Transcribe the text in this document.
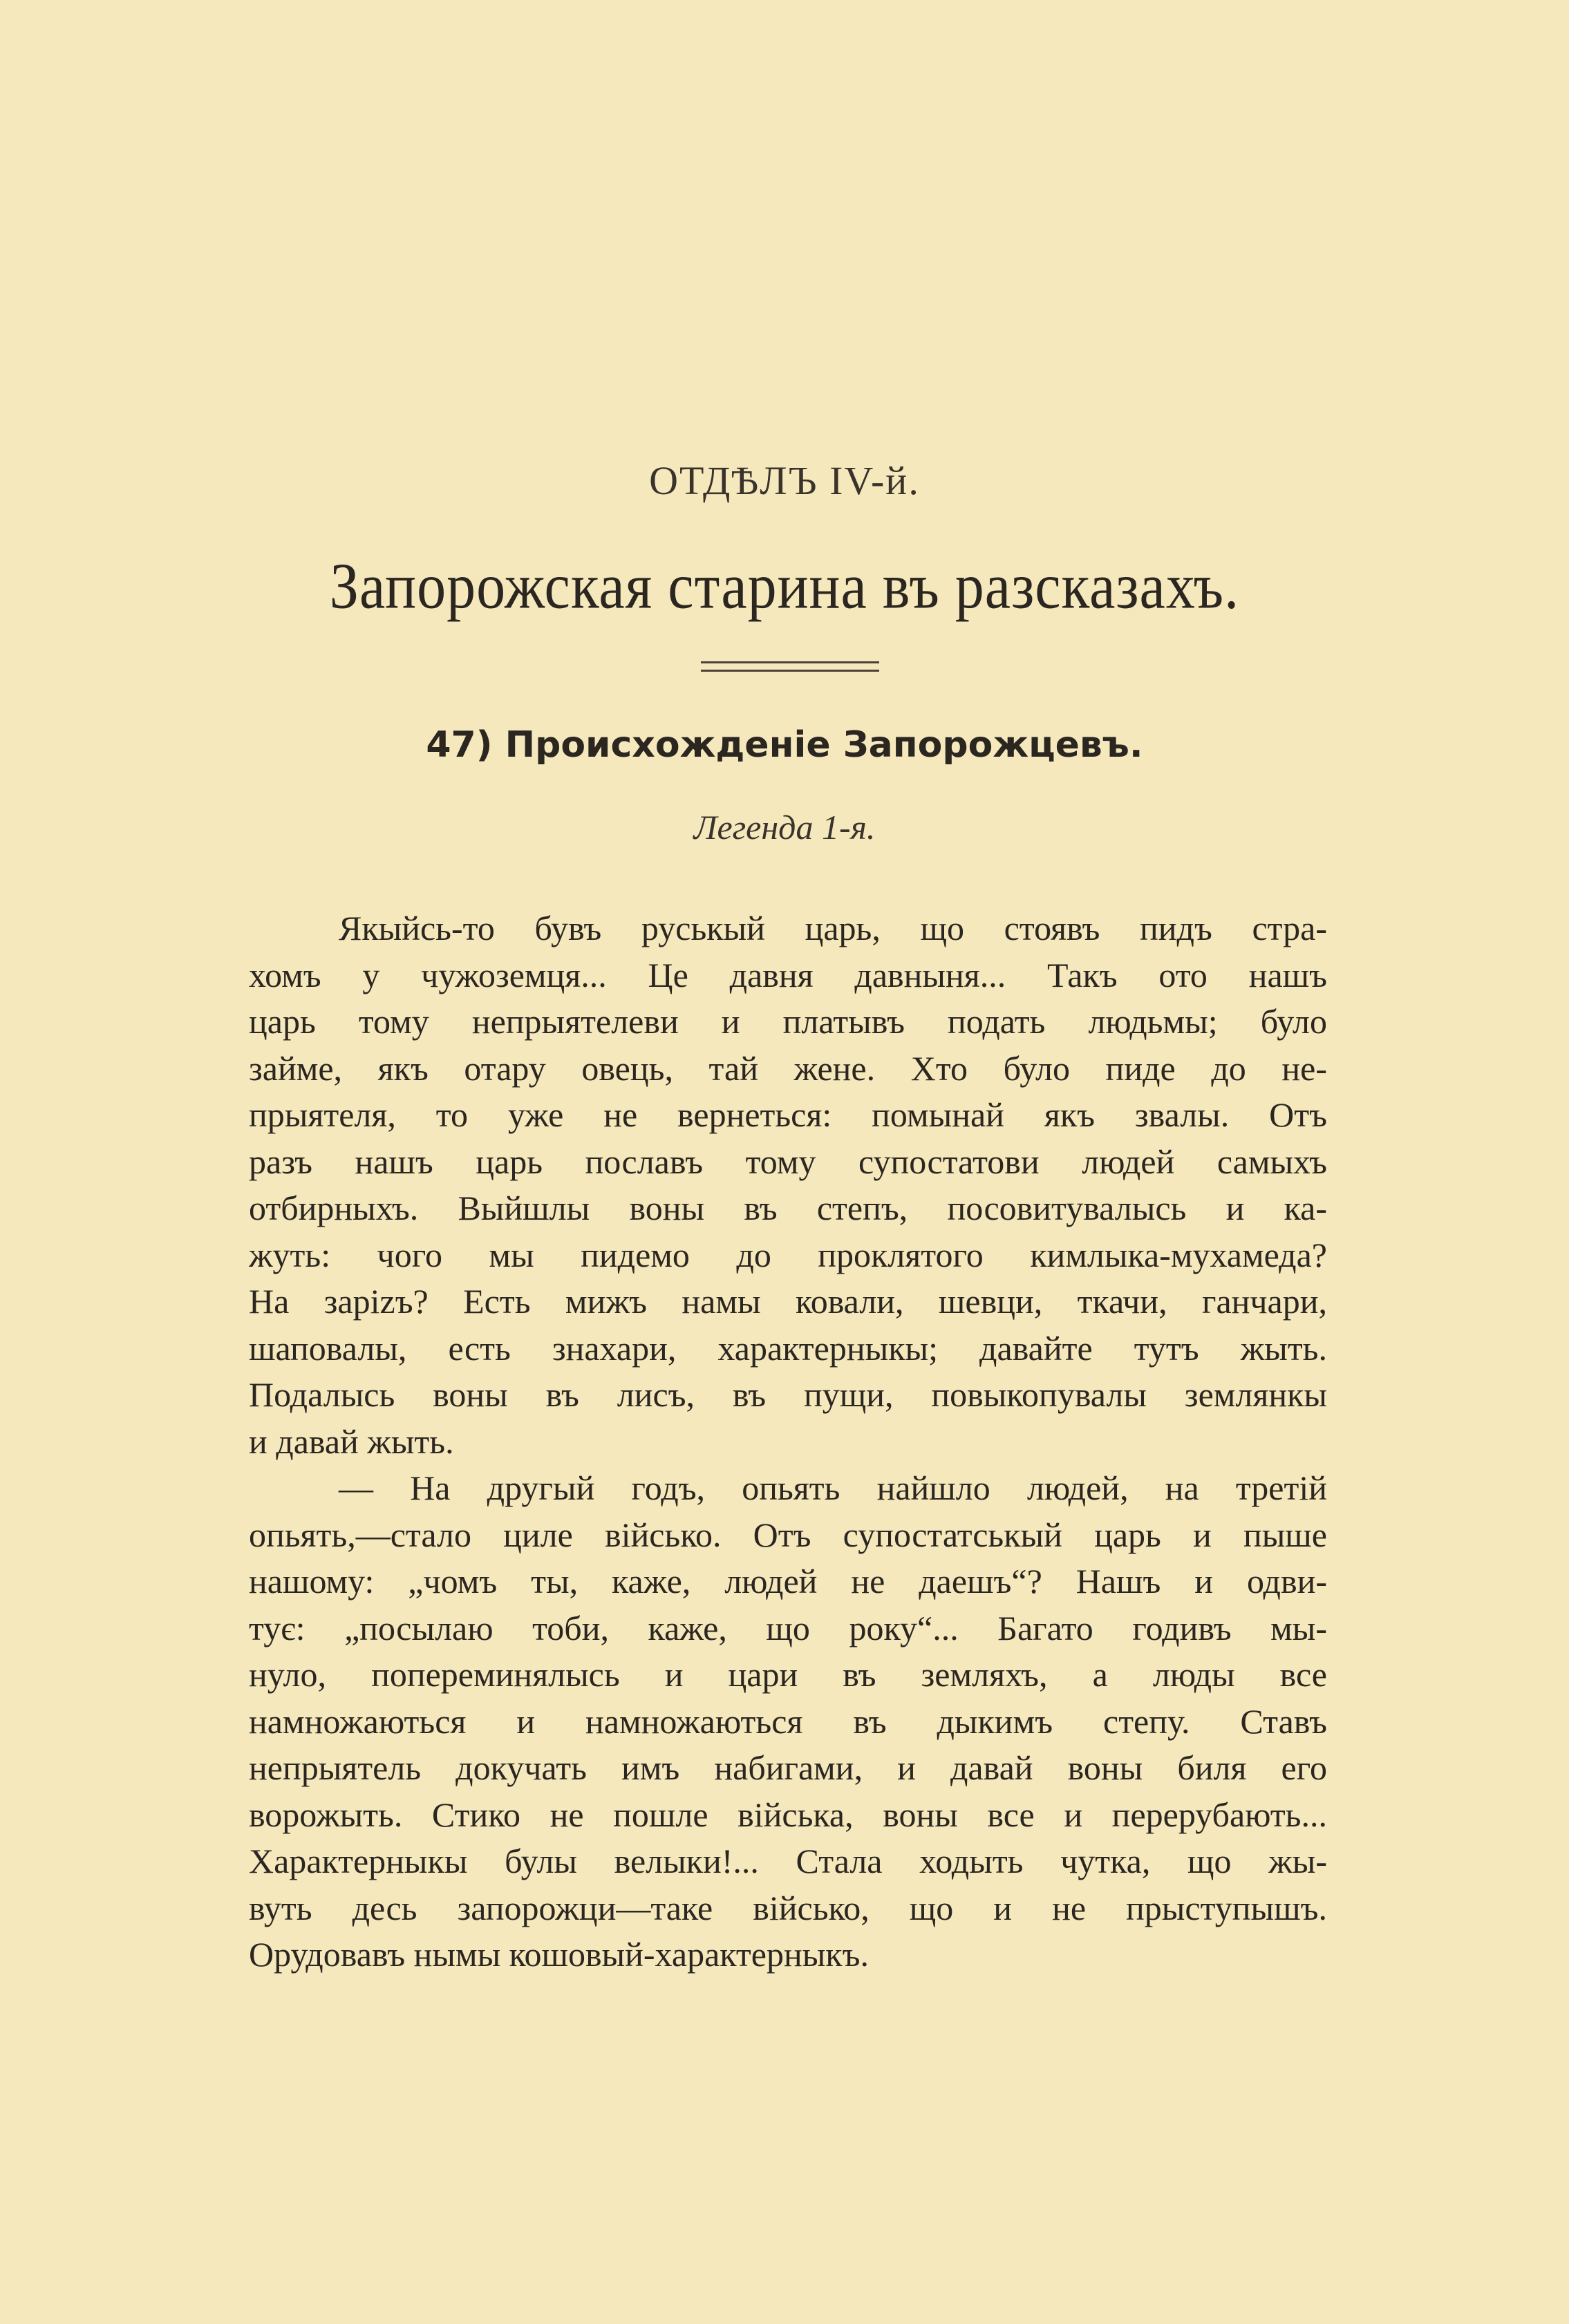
ОТДѢЛЪ IV-й.
Запорожская старина въ разсказахъ.
47) Происхожденіе Запорожцевъ.
Легенда 1-я.
Якыйсь-то бувъ руськый царь, що стоявъ пидъ стра-
хомъ у чужоземця... Це давня давныня... Такъ ото нашъ
царь тому непрыятелеви и платывъ подать людьмы; було
займе, якъ отару овець, тай жене. Хто було пиде до не-
прыятеля, то уже не вернеться: помынай якъ звалы. Отъ
разъ нашъ царь пославъ тому супостатови людей самыхъ
отбирныхъ. Выйшлы воны въ степъ, посовитувалысь и ка-
жуть: чого мы пидемо до проклятого кимлыка-мухамеда?
На зарizъ? Есть мижъ намы ковали, шевци, ткачи, ганчари,
шаповалы, есть знахари, характерныкы; давайте тутъ жыть.
Подалысь воны въ лисъ, въ пущи, повыкопувалы землянкы
и давай жыть.
— На другый годъ, опьять найшло людей, на третій
опьять,—стало циле військо. Отъ супостатськый царь и пыше
нашому: „чомъ ты, каже, людей не даешъ“? Нашъ и одви-
тує: „посылаю тоби, каже, що року“... Багато годивъ мы-
нуло, попереминялысь и цари въ земляхъ, а люды все
намножаються и намножаються въ дыкимъ степу. Ставъ
непрыятель докучать имъ набигами, и давай воны биля его
ворожыть. Стико не пошле війська, воны все и перерубають...
Характерныкы булы велыки!... Стала ходыть чутка, що жы-
вуть десь запорожци—таке військо, що и не прыступышъ.
Орудовавъ нымы кошовый-характерныкъ.
